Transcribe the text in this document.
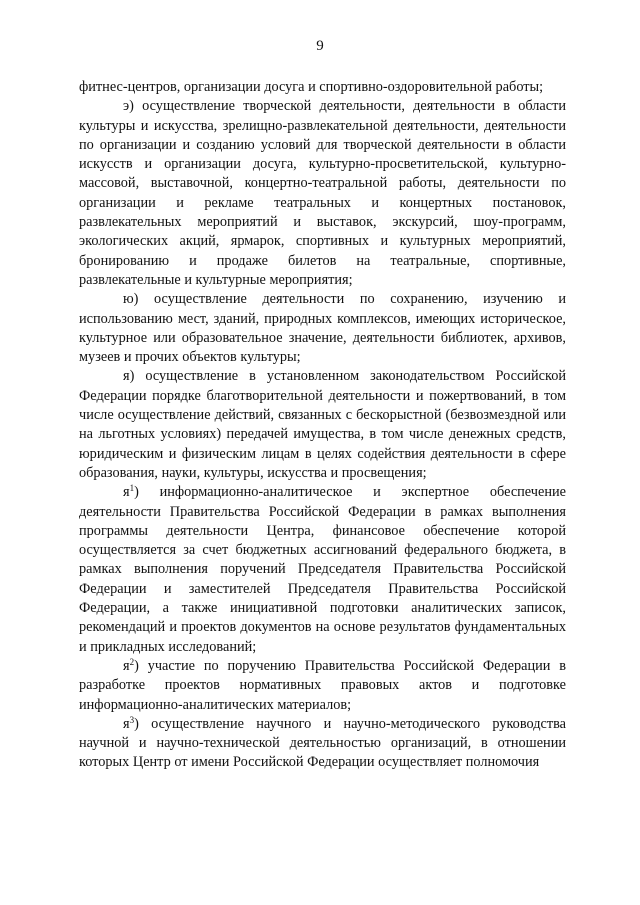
9

фитнес-центров, организации досуга и спортивно-оздоровительной работы;

э) осуществление творческой деятельности, деятельности в области культуры и искусства, зрелищно-развлекательной деятельности, деятельности по организации и созданию условий для творческой деятельности в области искусств и организации досуга, культурно-просветительской, культурно-массовой, выставочной, концертно-театральной работы, деятельности по организации и рекламе театральных и концертных постановок, развлекательных мероприятий и выставок, экскурсий, шоу-программ, экологических акций, ярмарок, спортивных и культурных мероприятий, бронированию и продаже билетов на театральные, спортивные, развлекательные и культурные мероприятия;

ю) осуществление деятельности по сохранению, изучению и использованию мест, зданий, природных комплексов, имеющих историческое, культурное или образовательное значение, деятельности библиотек, архивов, музеев и прочих объектов культуры;

я) осуществление в установленном законодательством Российской Федерации порядке благотворительной деятельности и пожертвований, в том числе осуществление действий, связанных с бескорыстной (безвозмездной или на льготных условиях) передачей имущества, в том числе денежных средств, юридическим и физическим лицам в целях содействия деятельности в сфере образования, науки, культуры, искусства и просвещения;

$я^1$) информационно-аналитическое и экспертное обеспечение деятельности Правительства Российской Федерации в рамках выполнения программы деятельности Центра, финансовое обеспечение которой осуществляется за счет бюджетных ассигнований федерального бюджета, в рамках выполнения поручений Председателя Правительства Российской Федерации и заместителей Председателя Правительства Российской Федерации, а также инициативной подготовки аналитических записок, рекомендаций и проектов документов на основе результатов фундаментальных и прикладных исследований;

$я^2$) участие по поручению Правительства Российской Федерации в разработке проектов нормативных правовых актов и подготовке информационно-аналитических материалов;

$я^3$) осуществление научного и научно-методического руководства научной и научно-технической деятельностью организаций, в отношении которых Центр от имени Российской Федерации осуществляет полномочия
